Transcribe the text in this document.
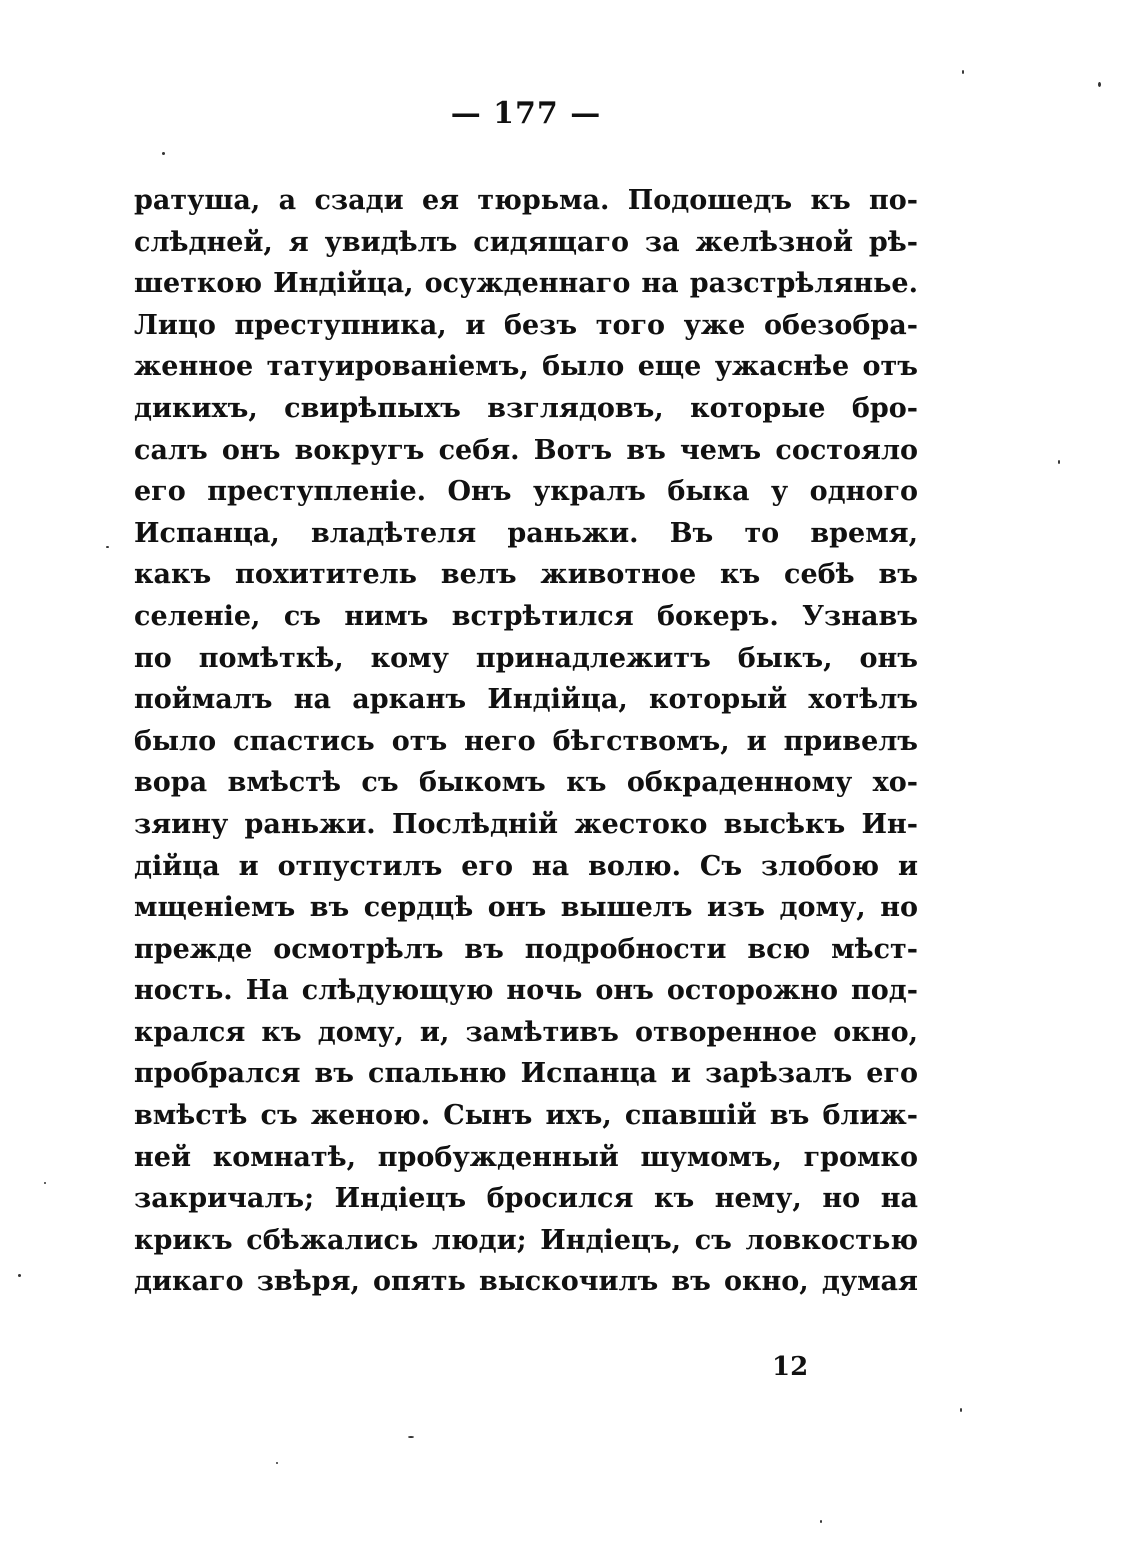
— 177 —
ратуша, а сзади ея тюрьма. Подошедъ къ по-
слѣдней, я увидѣлъ сидящаго за желѣзной рѣ-
шеткою Индійца, осужденнаго на разстрѣлянье.
Лицо преступника, и безъ того уже обезобра-
женное татуированіемъ, было еще ужаснѣе отъ
дикихъ, свирѣпыхъ взглядовъ, которые бро-
салъ онъ вокругъ себя. Вотъ въ чемъ состояло
его преступленіе. Онъ укралъ быка у одного
Испанца, владѣтеля раньжи. Въ то время,
какъ похититель велъ животное къ себѣ въ
селеніе, съ нимъ встрѣтился бокеръ. Узнавъ
по помѣткѣ, кому принадлежитъ быкъ, онъ
поймалъ на арканъ Индійца, который хотѣлъ
было спастись отъ него бѣгствомъ, и привелъ
вора вмѣстѣ съ быкомъ къ обкраденному хо-
зяину раньжи. Послѣдній жестоко высѣкъ Ин-
дійца и отпустилъ его на волю. Съ злобою и
мщеніемъ въ сердцѣ онъ вышелъ изъ дому, но
прежде осмотрѣлъ въ подробности всю мѣст-
ность. На слѣдующую ночь онъ осторожно под-
крался къ дому, и, замѣтивъ отворенное окно,
пробрался въ спальню Испанца и зарѣзалъ его
вмѣстѣ съ женою. Сынъ ихъ, спавшій въ ближ-
ней комнатѣ, пробужденный шумомъ, громко
закричалъ; Индіецъ бросился къ нему, но на
крикъ сбѣжались люди; Индіецъ, съ ловкостью
дикаго звѣря, опять выскочилъ въ окно, думая
12
